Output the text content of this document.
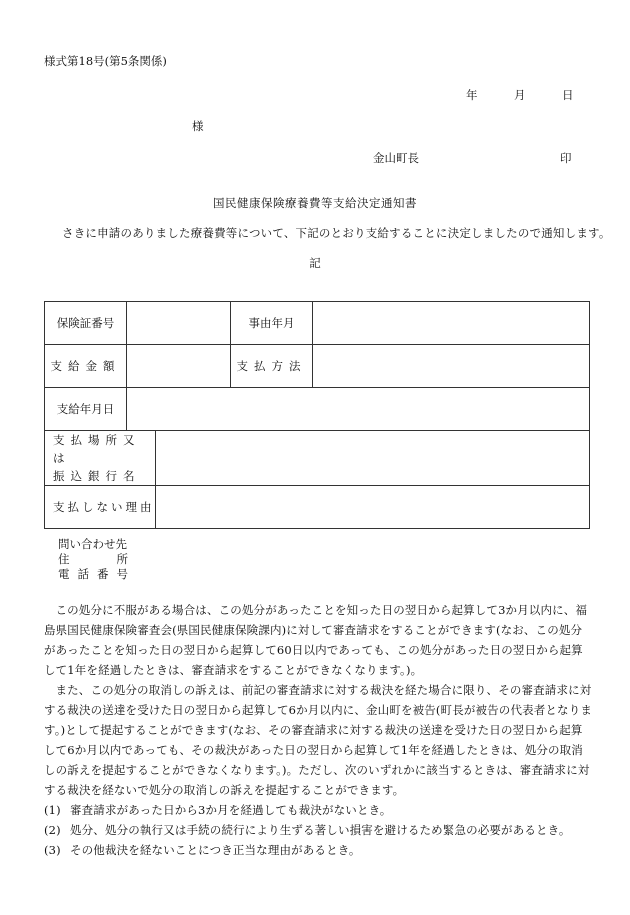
様式第18号(第5条関係)
年	月	日
様
金山町長	印
国民健康保険療養費等支給決定通知書
さきに申請のありました療養費等について、下記のとおり支給することに決定しましたので通知します。
記
保険証番号			事由年月	
支給金額			支払方法	
支給年月日				

支払場所又は
振込銀行名				

支払しない理由				
問い合わせ先
住所
電話番号

この処分に不服がある場合は、この処分があったことを知った日の翌日から起算して3か月以内に、福島県国民健康保険審査会(県国民健康保険課内)に対して審査請求をすることができます(なお、この処分があったことを知った日の翌日から起算して60日以内であっても、この処分があった日の翌日から起算して1年を経過したときは、審査請求をすることができなくなります。)。

また、この処分の取消しの訴えは、前記の審査請求に対する裁決を経た場合に限り、その審査請求に対する裁決の送達を受けた日の翌日から起算して6か月以内に、金山町を被告(町長が被告の代表者となります。)として提起することができます(なお、その審査請求に対する裁決の送達を受けた日の翌日から起算して6か月以内であっても、その裁決があった日の翌日から起算して1年を経過したときは、処分の取消しの訴えを提起することができなくなります。)。ただし、次のいずれかに該当するときは、審査請求に対する裁決を経ないで処分の取消しの訴えを提起することができます。

(1) 審査請求があった日から3か月を経過しても裁決がないとき。

(2) 処分、処分の執行又は手続の続行により生ずる著しい損害を避けるため緊急の必要があるとき。

(3) その他裁決を経ないことにつき正当な理由があるとき。
